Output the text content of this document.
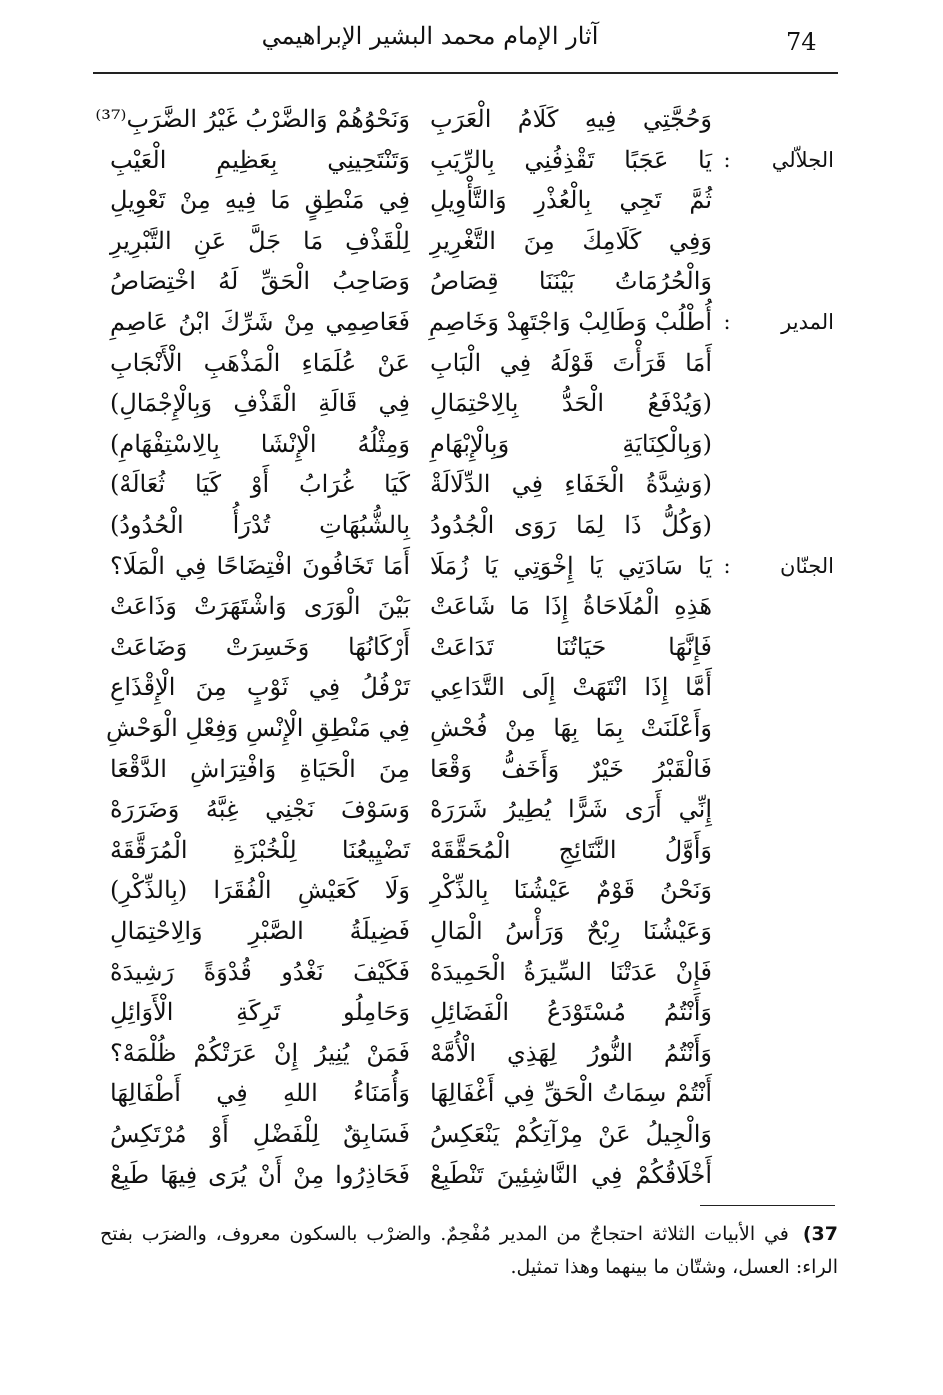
74
آثار الإمام محمد البشير الإبراهيمي
وَحُجَّتِي فِيهِ كَلَامُ الْعَرَبِ
وَنَحْوُهُمْ وَالضَّرْبُ غَيْرُ الضَّرَبِ⁽³⁷⁾
الجلاّلي
:
يَا عَجَبًا تَقْذِفُنِي بِالرِّيَبِ
وَتَنْتَحِينِي بِعَظِيمِ الْعَيْبِ
ثُمَّ تَجِي بِالْعُذْرِ وَالتَّأْوِيلِ
فِي مَنْطِقٍ مَا فِيهِ مِنْ تَعْوِيلِ
وَفِي كَلَامِكَ مِنَ التَّغْرِيرِ
لِلْقَذْفِ مَا جَلَّ عَنِ التَّبْرِيرِ
وَالْحُرُمَاتُ بَيْنَنَا قِصَاصُ
وَصَاحِبُ الْحَقِّ لَهُ اخْتِصَاصُ
المدير
:
أُطْلُبْ وَطَالِبْ وَاجْتَهِدْ وَخَاصِمِ
فَعَاصِمِي مِنْ شَرِّكَ ابْنُ عَاصِمِ
أَمَا قَرَأْتَ قَوْلَهُ فِي الْبَابِ
عَنْ عُلَمَاءِ الْمَذْهَبِ الْأَنْجَابِ
(وَيُدْفَعُ الْحَدُّ بِالِاحْتِمَالِ
فِي قَالَةِ الْقَذْفِ وَبِالْإِجْمَالِ)
(وَبِالْكِنَايَةِ وَبِالْإِبْهَامِ
وَمِثْلُهُ الْإِنْشَا بِالِاسْتِفْهَامِ)
(وَشِدَّةُ الْخَفَاءِ فِي الدِّلَالَةْ
كَيَا غُرَابُ أَوْ كَيَا ثُعَالَهْ)
(وَكُلُّ ذَا لِمَا رَوَى الْجُدُودُ
بِالشُّبُهَاتِ تُدْرَأُ الْحُدُودُ)
الجنّان
:
يَا سَادَتِي يَا إِخْوَتِي يَا زُمَلَا
أَمَا تَخَافُونَ افْتِضَاحًا فِي الْمَلَا؟
هَذِهِ الْمُلَاحَاةُ إِذَا مَا شَاعَتْ
بَيْنَ الْوَرَى وَاشْتَهَرَتْ وَذَاعَتْ
فَإِنَّهَا حَيَاتُنَا تَدَاعَتْ
أَرْكَانُهَا وَخَسِرَتْ وَضَاعَتْ
أَمَّا إِذَا انْتَهَتْ إِلَى التَّدَاعِي
تَرْفُلُ فِي ثَوْبٍ مِنَ الْإِقْذَاعِ
وَأَعْلَنَتْ بِمَا بِهَا مِنْ فُحْشِ
فِي مَنْطِقِ الْإِنْسِ وَفِعْلِ الْوَحْشِ
فَالْقَبْرُ خَيْرٌ وَأَخَفُّ وَقْعَا
مِنَ الْحَيَاةِ وَافْتِرَاشِ الدَّقْعَا
إِنِّي أَرَى شَرًّا يُطِيرُ شَرَرَهْ
وَسَوْفَ نَجْنِي غِبَّهُ وَضَرَرَهْ
وَأَوَّلُ النَّتَائِجِ الْمُحَقَّقَهْ
تَضْيِيعُنَا لِلْخُبْزَةِ الْمُرَقَّقَهْ
وَنَحْنُ قَوْمٌ عَيْشُنَا بِالذِّكْرِ
وَلَا كَعَيْشِ الْفُقَرَا (بِالذِّكْرِ)
وَعَيْشُنَا رِبْحٌ وَرَأْسُ الْمَالِ
فَضِيلَةُ الصَّبْرِ وَالِاحْتِمَالِ
فَإِنْ عَدَتْنَا السِّيرَةُ الْحَمِيدَهْ
فَكَيْفَ نَغْدُو قُدْوَةً رَشِيدَهْ
وَأَنْتُمُ مُسْتَوْدَعُ الْفَضَائِلِ
وَحَامِلُو تَرِكَةِ الْأَوَائِلِ
وَأَنْتُمُ النُّورُ لِهَذِي الْأُمَّهْ
فَمَنْ يُنِيرُ إِنْ عَرَتْكُمْ ظُلْمَهْ؟
أَنْتُمْ سِمَاتُ الْحَقِّ فِي أَغْفَالِهَا
وَأُمَنَاءُ اللهِ فِي أَطْفَالِهَا
وَالْجِيلُ عَنْ مِرْآتِكُمْ يَنْعَكِسُ
فَسَابِقٌ لِلْفَضْلِ أَوْ مُرْتَكِسُ
أَخْلَاقُكُمْ فِي النَّاشِئِينَ تَنْطَبِعْ
فَحَاذِرُوا مِنْ أَنْ يُرَى فِيهَا طَبِعْ
37)في الأبيات الثلاثة احتجاجٌ من المدير مُفْحِمٌ. والضرْب بالسكون معروف، والضرَب بفتح الراء: العسل، وشتّان ما بينهما وهذا تمثيل.
